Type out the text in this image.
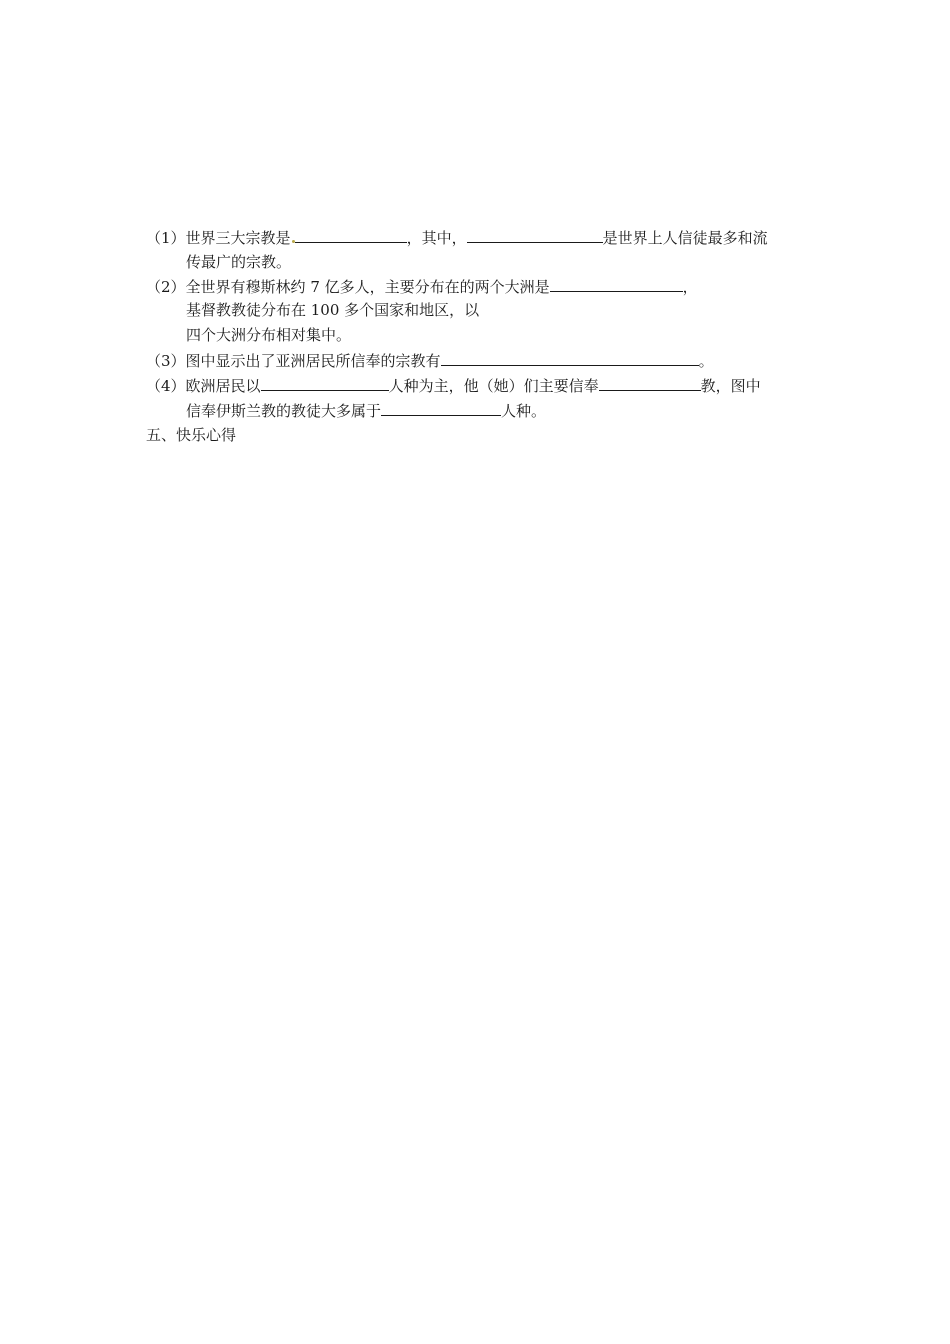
（1）世界三大宗教是	，其中，	是世界上人信徒最多和流
传最广的宗教。
（2）全世界有穆斯林约 7 亿多人，主要分布在的两个大洲是	，
基督教教徒分布在 100 多个国家和地区，以
四个大洲分布相对集中。
（3）图中显示出了亚洲居民所信奉的宗教有	。
（4）欧洲居民以	人种为主，他（她）们主要信奉	教，图中
信奉伊斯兰教的教徒大多属于	人种。
五、快乐心得
